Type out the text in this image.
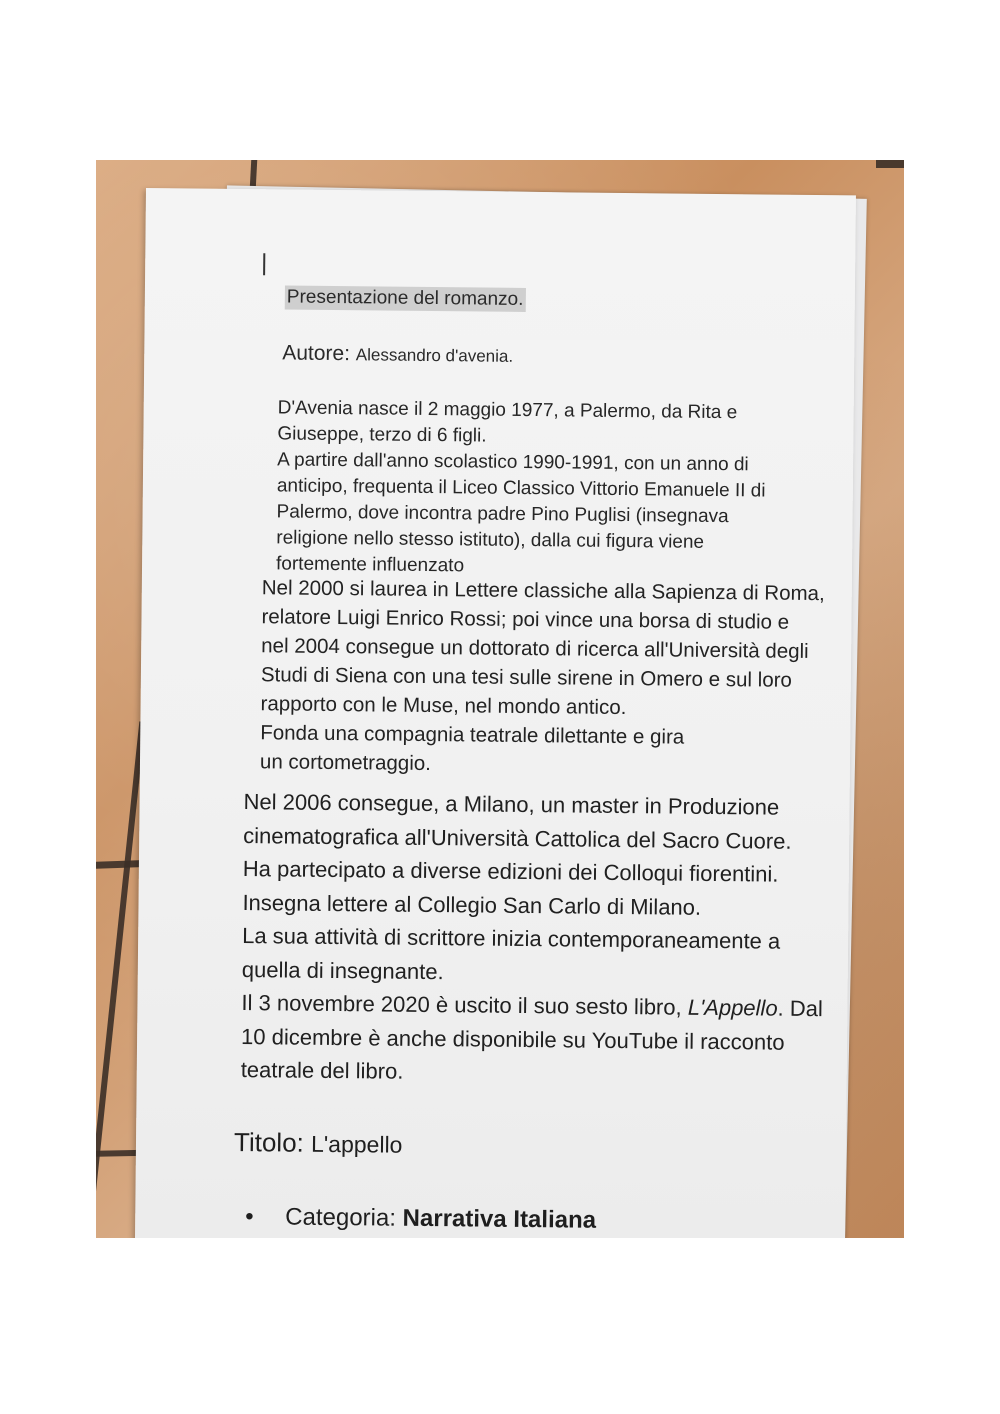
Presentazione del romanzo.
Autore: Alessandro d'avenia.
D'Avenia nasce il 2 maggio 1977, a Palermo, da Rita e
Giuseppe, terzo di 6 figli.
A partire dall'anno scolastico 1990-1991, con un anno di
anticipo, frequenta il Liceo Classico Vittorio Emanuele II di
Palermo, dove incontra padre Pino Puglisi (insegnava
religione nello stesso istituto), dalla cui figura viene
fortemente influenzato
Nel 2000 si laurea in Lettere classiche alla Sapienza di Roma,
relatore Luigi Enrico Rossi; poi vince una borsa di studio e
nel 2004 consegue un dottorato di ricerca all'Università degli
Studi di Siena con una tesi sulle sirene in Omero e sul loro
rapporto con le Muse, nel mondo antico.
Fonda una compagnia teatrale dilettante e gira
un cortometraggio.
Nel 2006 consegue, a Milano, un master in Produzione
cinematografica all'Università Cattolica del Sacro Cuore.
Ha partecipato a diverse edizioni dei Colloqui fiorentini.
Insegna lettere al Collegio San Carlo di Milano.
La sua attività di scrittore inizia contemporaneamente a
quella di insegnante.
Il 3 novembre 2020 è uscito il suo sesto libro, L'Appello. Dal
10 dicembre è anche disponibile su YouTube il racconto
teatrale del libro.
Titolo: L'appello
• Categoria: Narrativa Italiana
